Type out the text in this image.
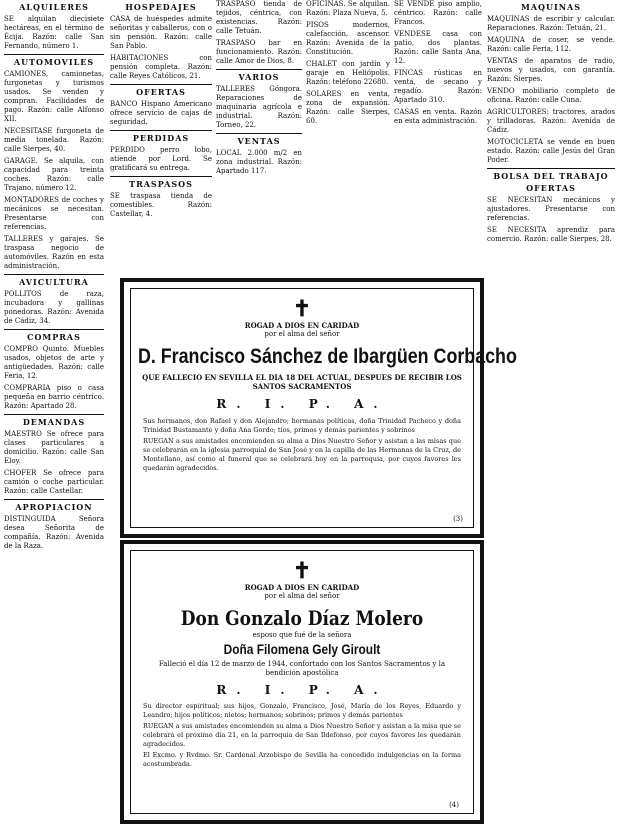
ALQUILERES

SE alquilan diecisiete hectáreas, en el término de Écija. Razón: calle San Fernando, número 1.

AUTOMOVILES

CAMIONES, camionetas, furgonetas y turismos usados. Se venden y compran. Facilidades de pago. Razón: calle Alfonso XII.

NECESITASE furgoneta de media tonelada. Razón: calle Sierpes, 40.

GARAGE. Se alquila, con capacidad para treinta coches. Razón: calle Trajano, número 12.

MONTADORES de coches y mecánicos se necesitan. Presentarse con referencias.

TALLERES y garajes. Se traspasa negocio de automóviles. Razón en esta administración.

AVICULTURA

POLLITOS de raza, incubadora y gallinas ponedoras. Razón: Avenida de Cádiz, 34.

COMPRAS

COMPRO Quinto. Muebles usados, objetos de arte y antigüedades. Razón: calle Feria, 12.

COMPRARIA piso o casa pequeña en barrio céntrico. Razón: Apartado 28.

DEMANDAS

MAESTRO Se ofrece para clases particulares a domicilio. Razón: calle San Eloy.

CHOFER Se ofrece para camión o coche particular. Razón: calle Castellar.

APROPIACION

DISTINGUIDA Señora desea Señorita de compañía. Razón: Avenida de la Raza.

HOSPEDAJES

CASA de huéspedes admite señoritas y caballeros, con o sin pensión. Razón: calle San Pablo.

HABITACIONES con pensión completa. Razón: calle Reyes Católicos, 21.

OFERTAS

BANCO Hispano Americano ofrece servicio de cajas de seguridad.

PERDIDAS

PERDIDO perro lobo, atiende por Lord. Se gratificará su entrega.

TRASPASOS

SE traspasa tienda de comestibles. Razón: Castellar, 4.

TRASPASO tienda de tejidos, céntrica, con existencias. Razón: calle Tetuán.

TRASPASO bar en funcionamiento. Razón: calle Amor de Dios, 8.

VARIOS

TALLERES Góngora. Reparaciones de maquinaria agrícola e industrial. Razón: Torneo, 22.

VENTAS

LOCAL 2.000 m/2 en zona industrial. Razón: Apartado 117.

OFICINAS. Se alquilan. Razón: Plaza Nueva, 5.

PISOS modernos, calefacción, ascensor. Razón: Avenida de la Constitución.

CHALET con jardín y garaje en Heliópolis. Razón: teléfono 22680.

SOLARES en venta, zona de expansión. Razón: calle Sierpes, 60.

SE VENDE piso amplio, céntrico. Razón: calle Francos.

VENDESE casa con patio, dos plantas. Razón: calle Santa Ana, 12.

FINCAS rústicas en venta, de secano y regadío. Razón: Apartado 310.

CASAS en venta. Razón en esta administración.

MAQUINAS

MAQUINAS de escribir y calcular. Reparaciones. Razón: Tetuán, 21.

MAQUINA de coser, se vende. Razón: calle Feria, 112.

VENTAS de aparatos de radio, nuevos y usados, con garantía. Razón: Sierpes.

VENDO mobiliario completo de oficina. Razón: calle Cuna.

AGRICULTORES: tractores, arados y trilladoras. Razón: Avenida de Cádiz.

MOTOCICLETA se vende en buen estado. Razón: calle Jesús del Gran Poder.

BOLSA DEL TRABAJO
OFERTAS

SE NECESITAN mecánicos y ajustadores. Presentarse con referencias.

SE NECESITA aprendiz para comercio. Razón: calle Sierpes, 28.

✝
ROGAD A DIOS EN CARIDAD
por el alma del señor
D. Francisco Sánchez de Ibargüen Corbacho
QUE FALLECIO EN SEVILLA EL DIA 18 DEL ACTUAL, DESPUES DE RECIBIR LOS SANTOS SACRAMENTOS
R. I. P. A.
Sus hermanos, don Rafael y don Alejandro; hermanas políticas, doña Trinidad Pacheco y doña Trinidad Bustamante y doña Ana Gordo; tíos, primos y demás parientes y sobrinos
RUEGAN a sus amistades encomienden su alma a Dios Nuestro Señor y asistan a las misas que se celebrarán en la iglesia parroquial de San José y en la capilla de las Hermanas de la Cruz, de Montellano, así como al funeral que se celebrará hoy en la parroquia, por cuyos favores les quedarán agradecidos.
(3)
✝
ROGAD A DIOS EN CARIDAD
por el alma del señor
Don Gonzalo Díaz Molero
esposo que fué de la señora
Doña Filomena Gely Giroult
Falleció el día 12 de marzo de 1944, confortado con los Santos Sacramentos y la bendición apostólica
R. I. P. A.
Su director espiritual; sus hijos, Gonzalo, Francisco, José, María de los Reyes, Eduardo y Leandro; hijos políticos; nietos; hermanos; sobrinos; primos y demás parientes
RUEGAN a sus amistades encomienden su alma a Dios Nuestro Señor y asistan a la misa que se celebrará el próximo día 21, en la parroquia de San Ildefonso, por cuyos favores les quedarán agradecidos.
El Excmo. y Rvdmo. Sr. Cardenal Arzobispo de Sevilla ha concedido indulgencias en la forma acostumbrada.
(4)
